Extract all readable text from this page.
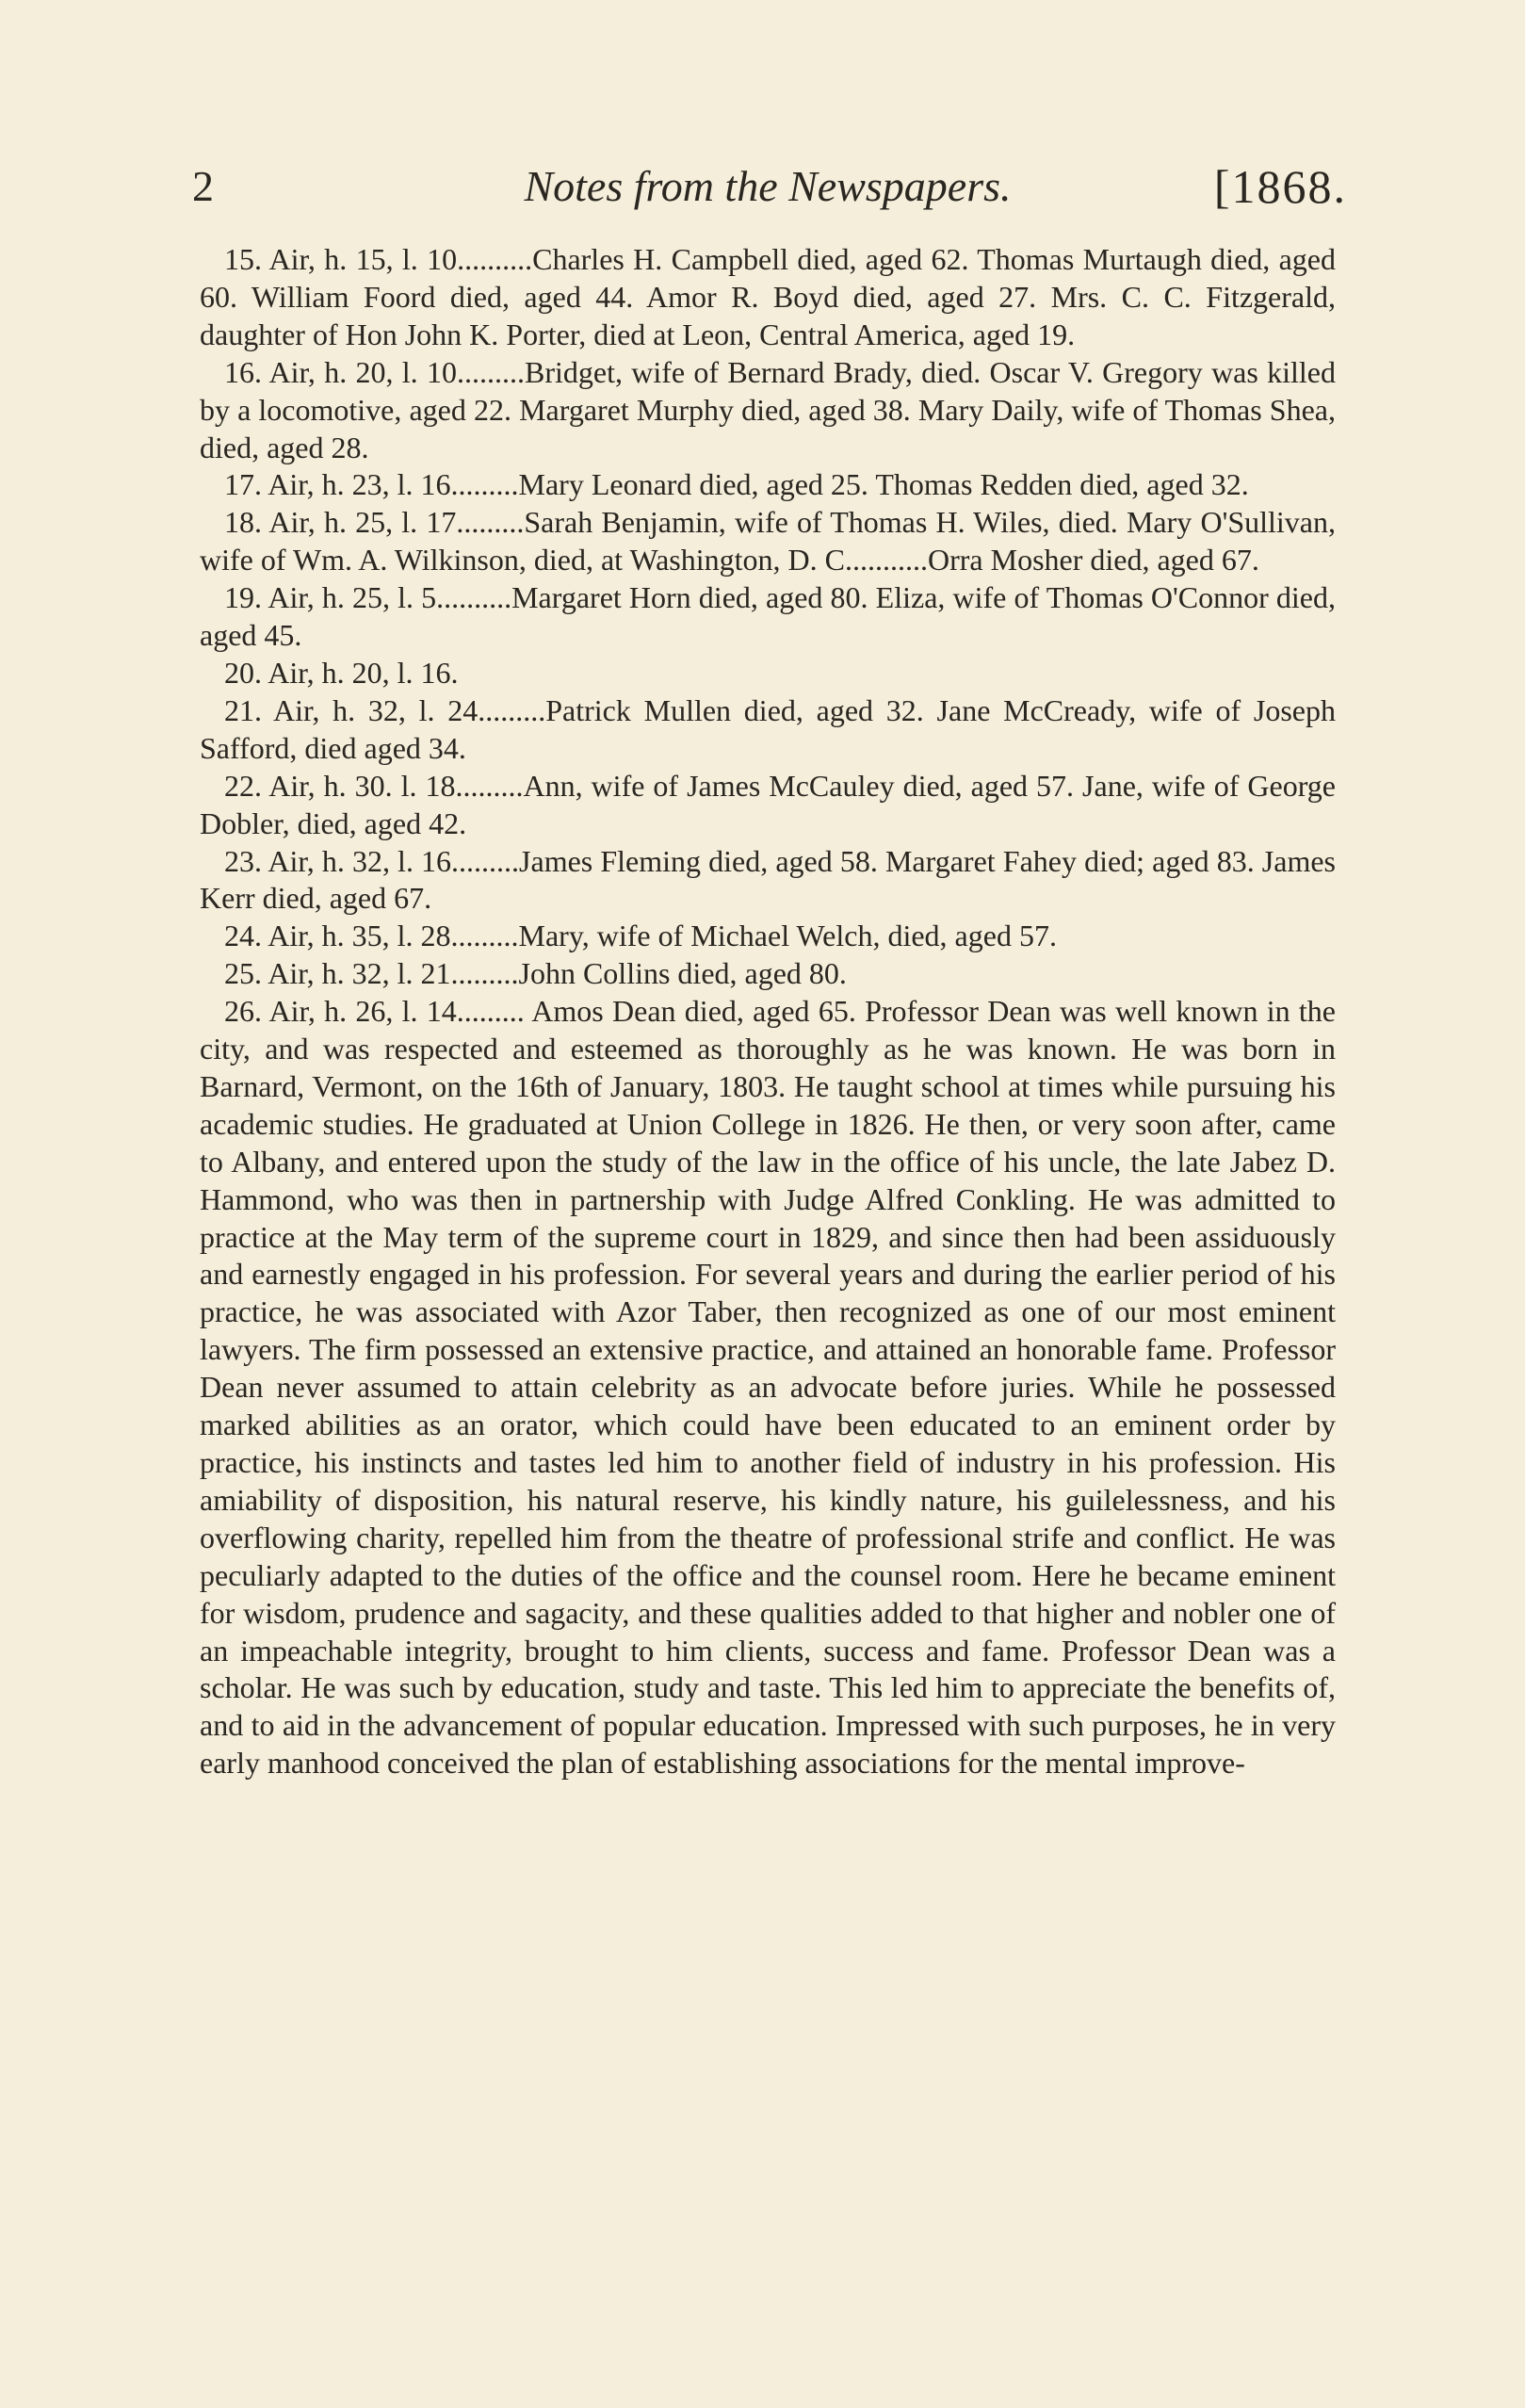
2	Notes from the Newspapers.	[1868.

15. Air, h. 15, l. 10..........Charles H. Campbell died, aged 62. Thomas Murtaugh died, aged 60. William Foord died, aged 44. Amor R. Boyd died, aged 27. Mrs. C. C. Fitzgerald, daughter of Hon John K. Porter, died at Leon, Central America, aged 19.

16. Air, h. 20, l. 10.........Bridget, wife of Bernard Brady, died. Oscar V. Gregory was killed by a locomotive, aged 22. Margaret Murphy died, aged 38. Mary Daily, wife of Thomas Shea, died, aged 28.

17. Air, h. 23, l. 16.........Mary Leonard died, aged 25. Thomas Redden died, aged 32.

18. Air, h. 25, l. 17.........Sarah Benjamin, wife of Thomas H. Wiles, died. Mary O'Sullivan, wife of Wm. A. Wilkinson, died, at Washington, D. C...........Orra Mosher died, aged 67.

19. Air, h. 25, l. 5..........Margaret Horn died, aged 80. Eliza, wife of Thomas O'Connor died, aged 45.

20. Air, h. 20, l. 16.

21. Air, h. 32, l. 24.........Patrick Mullen died, aged 32. Jane McCready, wife of Joseph Safford, died aged 34.

22. Air, h. 30. l. 18.........Ann, wife of James McCauley died, aged 57. Jane, wife of George Dobler, died, aged 42.

23. Air, h. 32, l. 16.........James Fleming died, aged 58. Margaret Fahey died; aged 83. James Kerr died, aged 67.

24. Air, h. 35, l. 28.........Mary, wife of Michael Welch, died, aged 57.

25. Air, h. 32, l. 21.........John Collins died, aged 80.

26. Air, h. 26, l. 14......... Amos Dean died, aged 65. Professor Dean was well known in the city, and was respected and esteemed as thoroughly as he was known. He was born in Barnard, Vermont, on the 16th of January, 1803. He taught school at times while pursuing his academic studies. He graduated at Union College in 1826. He then, or very soon after, came to Albany, and entered upon the study of the law in the office of his uncle, the late Jabez D. Hammond, who was then in partnership with Judge Alfred Conkling. He was admitted to practice at the May term of the supreme court in 1829, and since then had been assiduously and earnestly engaged in his profession. For several years and during the earlier period of his practice, he was associated with Azor Taber, then recognized as one of our most eminent lawyers. The firm possessed an extensive practice, and attained an honorable fame. Professor Dean never assumed to attain celebrity as an advocate before juries. While he possessed marked abilities as an orator, which could have been educated to an eminent order by practice, his instincts and tastes led him to another field of industry in his profession. His amiability of disposition, his natural reserve, his kindly nature, his guilelessness, and his overflowing charity, repelled him from the theatre of professional strife and conflict. He was peculiarly adapted to the duties of the office and the counsel room. Here he became eminent for wisdom, prudence and sagacity, and these qualities added to that higher and nobler one of an impeachable integrity, brought to him clients, success and fame. Professor Dean was a scholar. He was such by education, study and taste. This led him to appreciate the benefits of, and to aid in the advancement of popular education. Impressed with such purposes, he in very early manhood conceived the plan of establishing associations for the mental improve-
